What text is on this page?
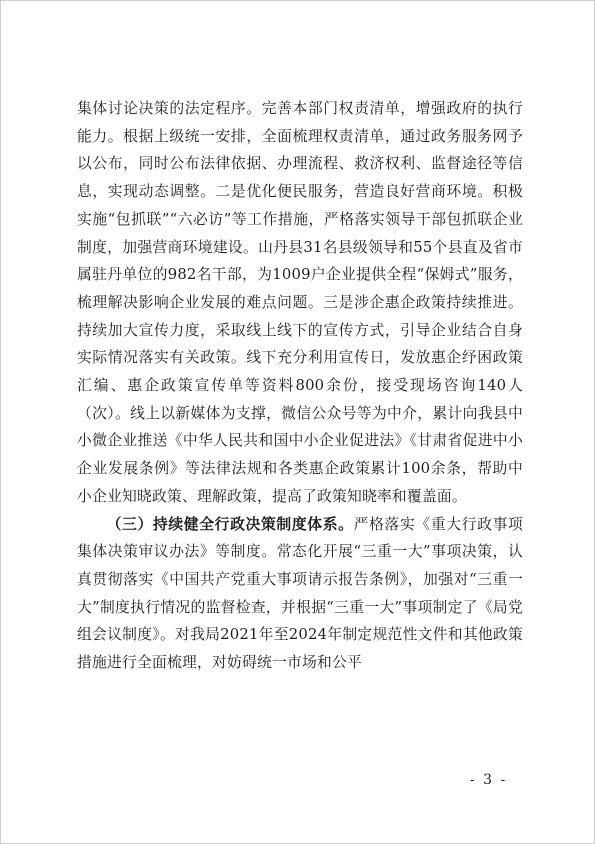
集体讨论决策的法定程序。完善本部门权责清单，增强政府的执行能力。根据上级统一安排，全面梳理权责清单，通过政务服务网予以公布，同时公布法律依据、办理流程、救济权利、监督途径等信息，实现动态调整。二是优化便民服务，营造良好营商环境。积极实施“包抓联”“六必访”等工作措施，严格落实领导干部包抓联企业制度，加强营商环境建设。山丹县31名县级领导和55个县直及省市属驻丹单位的982名干部，为1009户企业提供全程“保姆式”服务，梳理解决影响企业发展的难点问题。三是涉企惠企政策持续推进。持续加大宣传力度，采取线上线下的宣传方式，引导企业结合自身实际情况落实有关政策。线下充分利用宣传日，发放惠企纾困政策汇编、惠企政策宣传单等资料800余份，接受现场咨询140人（次）。线上以新媒体为支撑，微信公众号等为中介，累计向我县中小微企业推送《中华人民共和国中小企业促进法》《甘肃省促进中小企业发展条例》等法律法规和各类惠企政策累计100余条，帮助中小企业知晓政策、理解政策，提高了政策知晓率和覆盖面。

（三）持续健全行政决策制度体系。严格落实《重大行政事项集体决策审议办法》等制度。常态化开展“三重一大”事项决策，认真贯彻落实《中国共产党重大事项请示报告条例》，加强对“三重一大”制度执行情况的监督检查，并根据“三重一大”事项制定了《局党组会议制度》。对我局2021年至2024年制定规范性文件和其他政策措施进行全面梳理，对妨碍统一市场和公平

- 3 -
